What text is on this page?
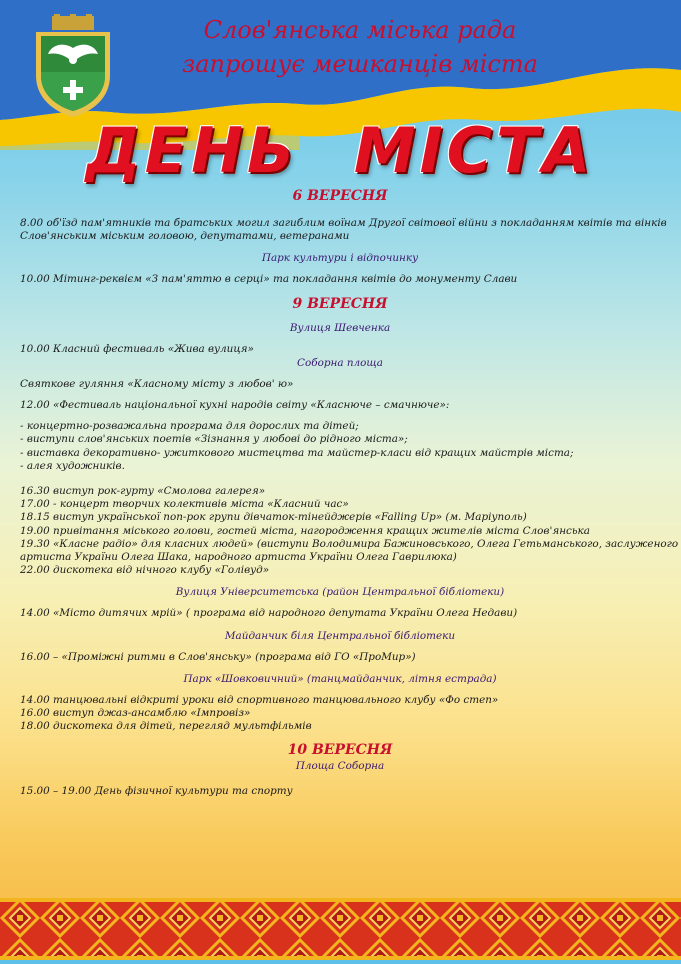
Слов'янська міська рада
запрошує мешканців міста
ДЕНЬ МІСТА

6 ВЕРЕСНЯ

8.00 об'їзд пам'ятників та братських могил загиблим воїнам Другої світової війни з покладанням квітів та вінків

Слов'янським міським головою, депутатами, ветеранами

Парк культури і відпочинку

10.00 Мітинг-реквієм «З пам'яттю в серці» та покладання квітів до монументу Слави

9 ВЕРЕСНЯ

Вулиця Шевченка

10.00 Класний фестиваль «Жива вулиця»

Соборна площа

Святкове гуляння «Класному місту з любов' ю»

12.00 «Фестиваль національної кухні народів світу «Класнюче – смачнюче»:

- концертно-розважальна програма для дорослих та дітей;

- виступи слов'янських поетів «Зізнання у любові до рідного міста»;

- виставка декоративно- ужиткового мистецтва та майстер-класи від кращих майстрів міста;

- алея художників.

16.30 виступ рок-гурту «Смолова галерея»

17.00 - концерт творчих колективів міста «Класний час»

18.15 виступ української поп-рок групи дівчаток-тінейджерів «Falling Up» (м. Маріуполь)

19.00 привітання міського голови, гостей міста, нагородження кращих жителів міста Слов'янська

19.30 «Класне радіо» для класних людей» (виступи Володимира Бажиновського, Олега Гетьманського, заслуженого

артиста України Олега Шака, народного артиста України Олега Гаврилюка)

22.00 дискотека від нічного клубу «Голівуд»

Вулиця Університетська (район Центральної бібліотеки)

14.00 «Місто дитячих мрій» ( програма від народного депутата України Олега Недави)

Майданчик біля Центральної бібліотеки

16.00 – «Проміжні ритми в Слов'янську» (програма від ГО «ПроМир»)

Парк «Шовковичний» (танцмайданчик, літня естрада)

14.00 танцювальні відкриті уроки від спортивного танцювального клубу «Фо степ»

16.00 виступ джаз-ансамблю «Імпровіз»

18.00 дискотека для дітей, перегляд мультфільмів

10 ВЕРЕСНЯ

Площа Соборна

15.00 – 19.00 День фізичної культури та спорту
